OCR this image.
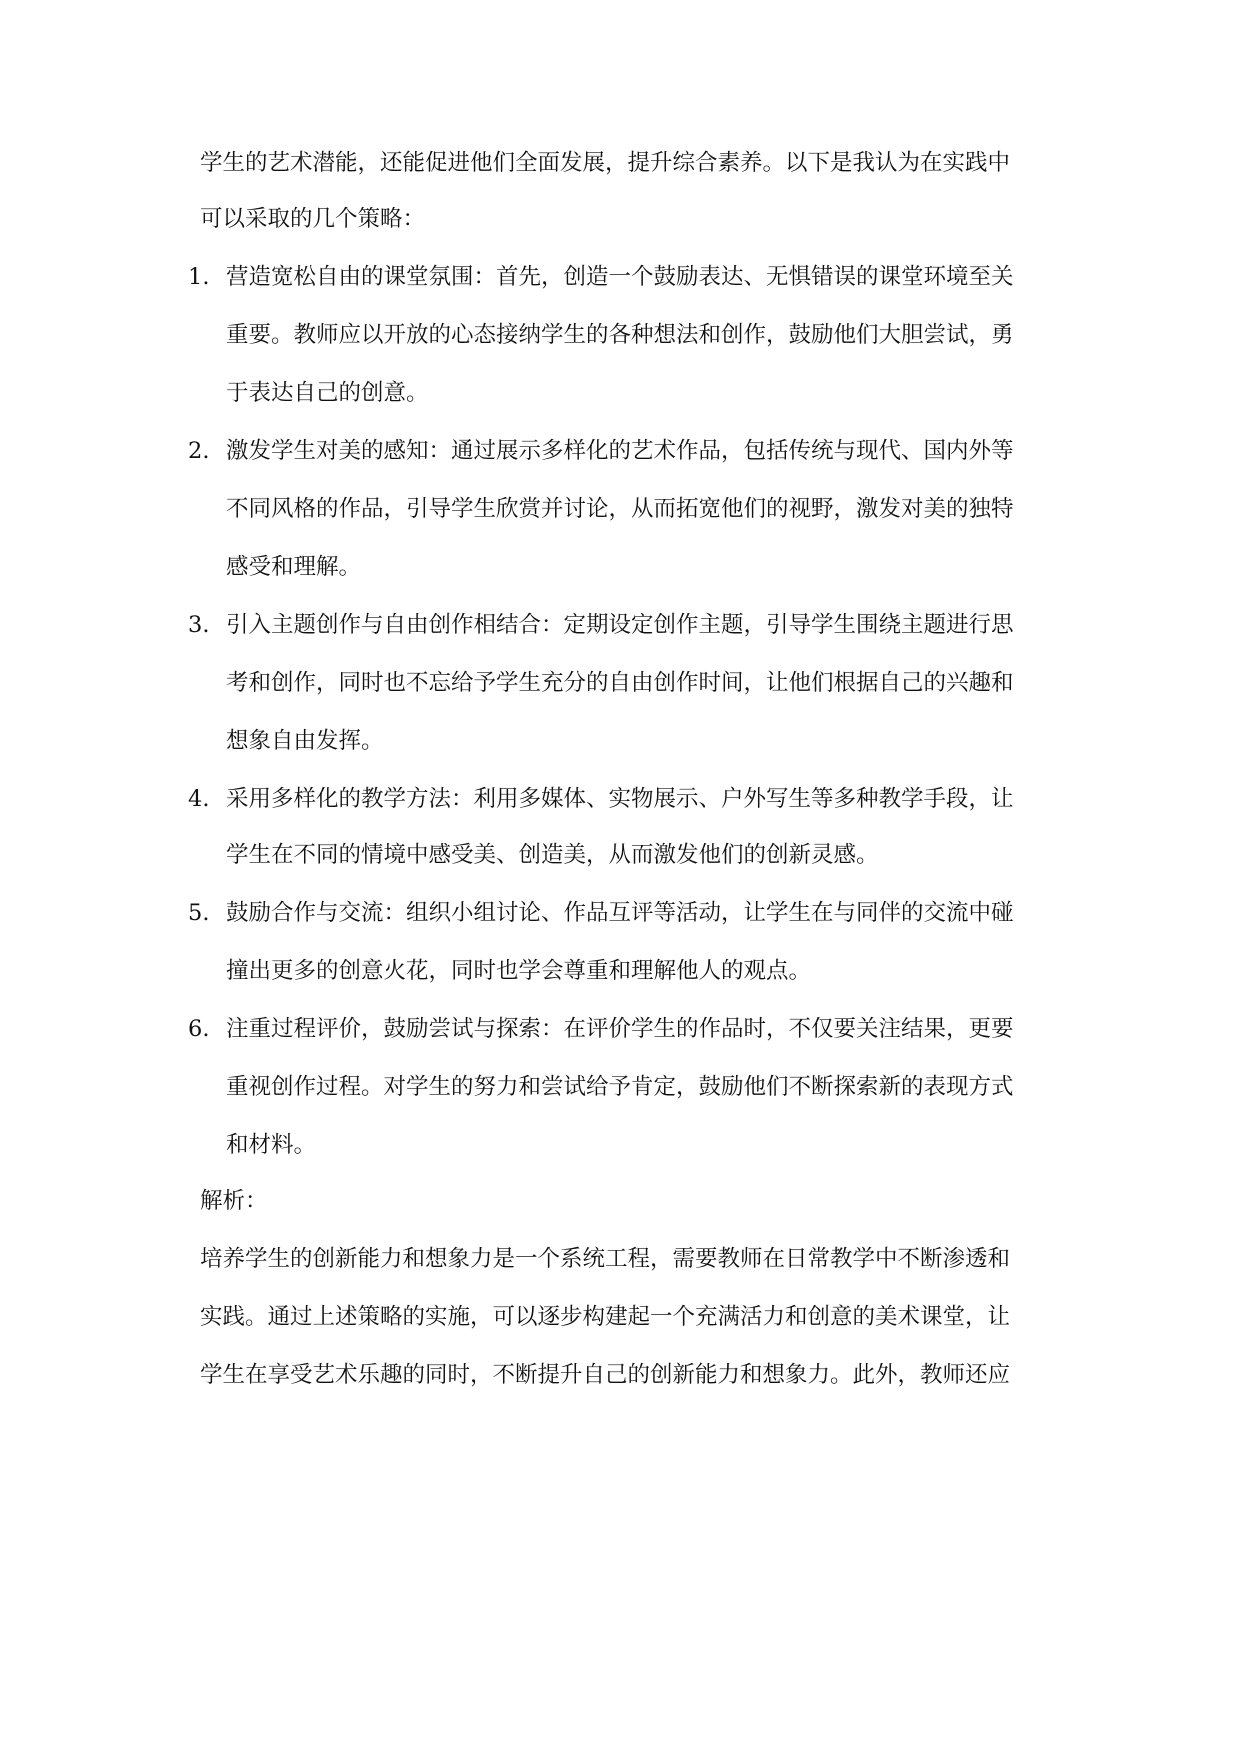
学生的艺术潜能，还能促进他们全面发展，提升综合素养。以下是我认为在实践中

可以采取的几个策略：

1. 营造宽松自由的课堂氛围：首先，创造一个鼓励表达、无惧错误的课堂环境至关

重要。教师应以开放的心态接纳学生的各种想法和创作，鼓励他们大胆尝试，勇

于表达自己的创意。

2. 激发学生对美的感知：通过展示多样化的艺术作品，包括传统与现代、国内外等

不同风格的作品，引导学生欣赏并讨论，从而拓宽他们的视野，激发对美的独特

感受和理解。

3. 引入主题创作与自由创作相结合：定期设定创作主题，引导学生围绕主题进行思

考和创作，同时也不忘给予学生充分的自由创作时间，让他们根据自己的兴趣和

想象自由发挥。

4. 采用多样化的教学方法：利用多媒体、实物展示、户外写生等多种教学手段，让

学生在不同的情境中感受美、创造美，从而激发他们的创新灵感。

5. 鼓励合作与交流：组织小组讨论、作品互评等活动，让学生在与同伴的交流中碰

撞出更多的创意火花，同时也学会尊重和理解他人的观点。

6. 注重过程评价，鼓励尝试与探索：在评价学生的作品时，不仅要关注结果，更要

重视创作过程。对学生的努力和尝试给予肯定，鼓励他们不断探索新的表现方式

和材料。

解析：

培养学生的创新能力和想象力是一个系统工程，需要教师在日常教学中不断渗透和

实践。通过上述策略的实施，可以逐步构建起一个充满活力和创意的美术课堂，让

学生在享受艺术乐趣的同时，不断提升自己的创新能力和想象力。此外，教师还应
